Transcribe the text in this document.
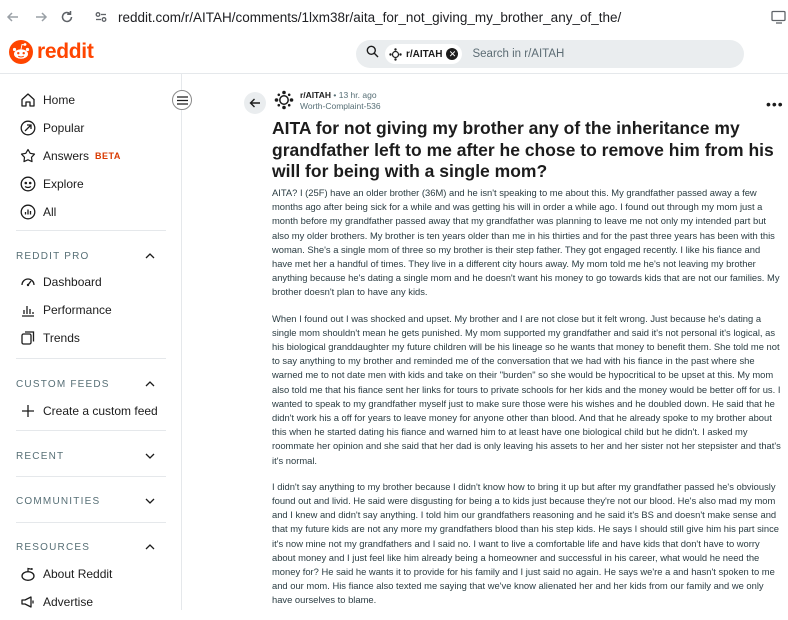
reddit.com/r/AITAH/comments/1lxm38r/aita_for_not_giving_my_brother_any_of_the/
reddit	r/AITAH ✕ Search in r/AITAH
Home
Popular
Answers BETA
Explore
All
REDDIT PRO
Dashboard
Performance
Trends
CUSTOM FEEDS
Create a custom feed
RECENT
COMMUNITIES
RESOURCES
About Reddit
Advertise
r/AITAH • 13 hr. ago
Worth-Complaint-536	•••
AITA for not giving my brother any of the inheritance my grandfather left to me after he chose to remove him from his will for being with a single mom?

AITA? I (25F) have an older brother (36M) and he isn't speaking to me about this. My grandfather passed away a few months ago after being sick for a while and was getting his will in order a while ago. I found out through my mom just a month before my grandfather passed away that my grandfather was planning to leave me not only my intended part but also my older brothers. My brother is ten years older than me in his thirties and for the past three years has been with this woman. She's a single mom of three so my brother is their step father. They got engaged recently. I like his fiance and have met her a handful of times. They live in a different city hours away. My mom told me he's not leaving my brother anything because he's dating a single mom and he doesn't want his money to go towards kids that are not our families. My brother doesn't plan to have any kids.

When I found out I was shocked and upset. My brother and I are not close but it felt wrong. Just because he's dating a single mom shouldn't mean he gets punished. My mom supported my grandfather and said it's not personal it's logical, as his biological granddaughter my future children will be his lineage so he wants that money to benefit them. She told me not to say anything to my brother and reminded me of the conversation that we had with his fiance in the past where she warned me to not date men with kids and take on their "burden" so she would be hypocritical to be upset at this. My mom also told me that his fiance sent her links for tours to private schools for her kids and the money would be better off for us. I wanted to speak to my grandfather myself just to make sure those were his wishes and he doubled down. He said that he didn't work his a off for years to leave money for anyone other than blood. And that he already spoke to my brother about this when he started dating his fiance and warned him to at least have one biological child but he didn't. I asked my roommate her opinion and she said that her dad is only leaving his assets to her and her sister not her stepsister and that's it's normal.

I didn't say anything to my brother because I didn't know how to bring it up but after my grandfather passed he's obviously found out and livid. He said were disgusting for being a to kids just because they're not our blood. He's also mad my mom and I knew and didn't say anything. I told him our grandfathers reasoning and he said it's BS and doesn't make sense and that my future kids are not any more my grandfathers blood than his step kids. He says I should still give him his part since it's now mine not my grandfathers and I said no. I want to live a comfortable life and have kids that don't have to worry about money and I just feel like him already being a homeowner and successful in his career, what would he need the money for? He said he wants it to provide for his family and I just said no again. He says we're a and hasn't spoken to me and our mom. His fiance also texted me saying that we've know alienated her and her kids from our family and we only have ourselves to blame.
